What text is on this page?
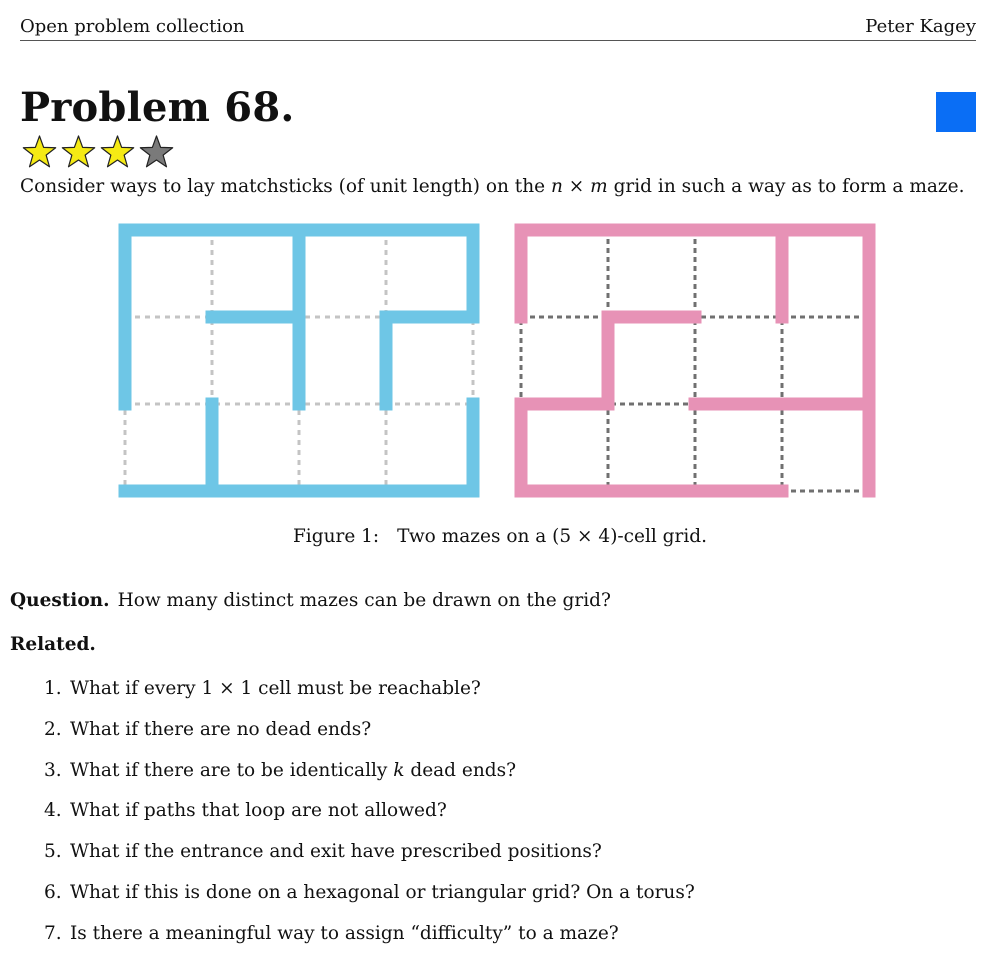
Open problem collection	Peter Kagey
Problem 68.
Consider ways to lay matchsticks (of unit length) on the n × m grid in such a way as to form a maze.
Figure 1: Two mazes on a (5 × 4)-cell grid.
Question. How many distinct mazes can be drawn on the grid?
Related.
1. What if every 1 × 1 cell must be reachable?
2. What if there are no dead ends?
3. What if there are to be identically k dead ends?
4. What if paths that loop are not allowed?
5. What if the entrance and exit have prescribed positions?
6. What if this is done on a hexagonal or triangular grid? On a torus?
7. Is there a meaningful way to assign “difficulty” to a maze?
